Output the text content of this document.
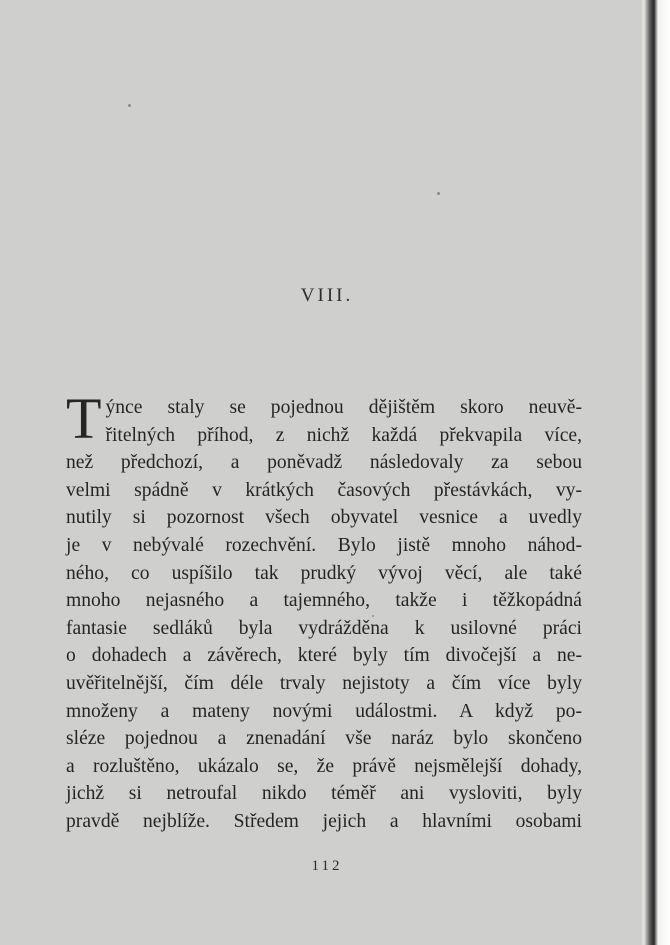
VIII.
T ýnce staly se pojednou dějištěm skoro neuvě-
řitelných příhod, z nichž každá překvapila více,
než předchozí, a poněvadž následovaly za sebou
velmi spádně v krátkých časových přestávkách, vy-
nutily si pozornost všech obyvatel vesnice a uvedly
je v nebývalé rozechvění. Bylo jistě mnoho náhod-
ného, co uspíšilo tak prudký vývoj věcí, ale také
mnoho nejasného a tajemného, takže i těžkopádná
fantasie sedláků byla vydrážděna k usilovné práci
o dohadech a závěrech, které byly tím divočejší a ne-
uvěřitelnější, čím déle trvaly nejistoty a čím více byly
množeny a mateny novými událostmi. A když po-
sléze pojednou a znenadání vše naráz bylo skončeno
a rozluštěno, ukázalo se, že právě nejsmělejší dohady,
jichž si netroufal nikdo téměř ani vysloviti, byly
pravdě nejblíže. Středem jejich a hlavními osobami
112
